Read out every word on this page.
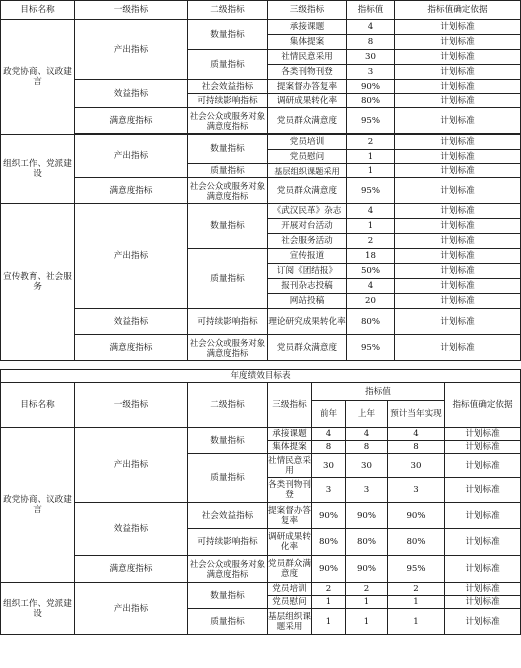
目标名称	一级指标	二级指标	三级指标	指标值	指标值确定依据
政党协商、议政建言	产出指标	数量指标	承接课题	4	计划标准
			集体提案	8	计划标准
		质量指标	社情民意采用	30	计划标准
			各类刊物刊登	3	计划标准
	效益指标	社会效益指标	提案督办答复率	90%	计划标准
		可持续影响指标	调研成果转化率	80%	计划标准
	满意度指标	社会公众或服务对象满意度指标	党员群众满意度	95%	计划标准

组织工作、党派建设	产出指标	数量指标	党员培训	2	计划标准
			党员慰问	1	计划标准
		质量指标	基层组织课题采用	1	计划标准
	满意度指标	社会公众或服务对象满意度指标	党员群众满意度	95%	计划标准
宣传教育、社会服务	产出指标	数量指标	《武汉民革》杂志	4	计划标准
			开展对台活动	1	计划标准
			社会服务活动	2	计划标准
		质量指标	宣传报道	18	计划标准
			订阅《团结报》	50%	计划标准
			报刊杂志投稿	4	计划标准
			网站投稿	20	计划标准
	效益指标	可持续影响指标	理论研究成果转化率	80%	计划标准
	满意度指标	社会公众或服务对象满意度指标	党员群众满意度	95%	计划标准
年度绩效目标表							
目标名称	一级指标	二级指标	三级指标	指标值			指标值确定依据
				前年	上年	预计当年实现	
政党协商、议政建言	产出指标	数量指标	承接课题	4	4	4	计划标准
			集体提案	8	8	8	计划标准
		质量指标	社情民意采用	30	30	30	计划标准
			各类刊物刊登	3	3	3	计划标准
	效益指标	社会效益指标	提案督办答复率	90%	90%	90%	计划标准
		可持续影响指标	调研成果转化率	80%	80%	80%	计划标准
	满意度指标	社会公众或服务对象满意度指标	党员群众满意度	90%	90%	95%	计划标准
组织工作、党派建设	产出指标	数量指标	党员培训	2	2	2	计划标准
			党员慰问	1	1	1	计划标准
		质量指标	基层组织课题采用	1	1	1	计划标准
